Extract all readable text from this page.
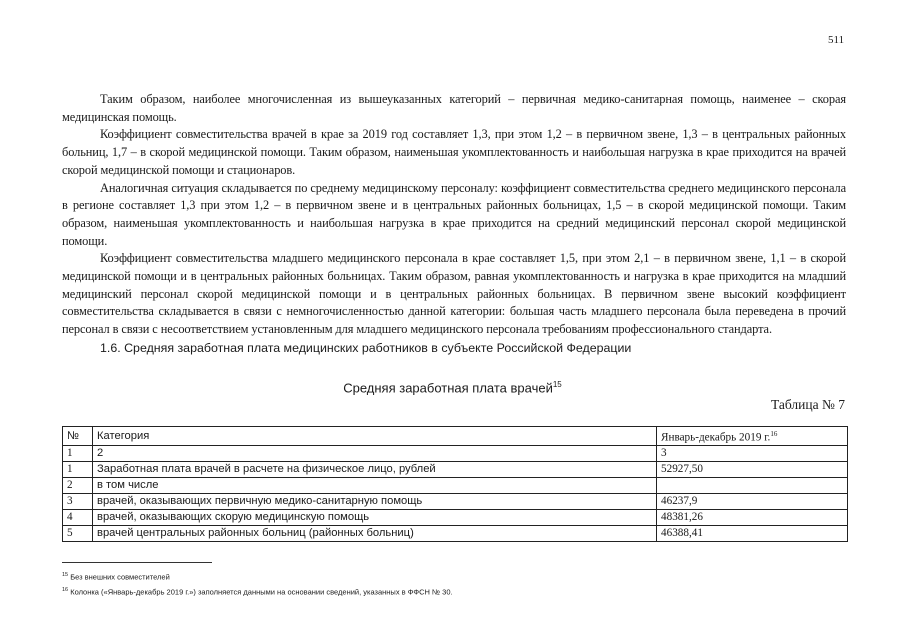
511

Таким образом, наиболее многочисленная из вышеуказанных категорий – первичная медико-санитарная помощь, наименее – скорая медицинская помощь.

Коэффициент совместительства врачей в крае за 2019 год составляет 1,3, при этом 1,2 – в первичном звене, 1,3 – в центральных районных больниц, 1,7 – в скорой медицинской помощи. Таким образом, наименьшая укомплектованность и наибольшая нагрузка в крае приходится на врачей скорой медицинской помощи и стационаров.

Аналогичная ситуация складывается по среднему медицинскому персоналу: коэффициент совместительства среднего медицинского персонала в регионе составляет 1,3 при этом 1,2 – в первичном звене и в центральных районных больницах, 1,5 – в скорой медицинской помощи. Таким образом, наименьшая укомплектованность и наибольшая нагрузка в крае приходится на средний медицинский персонал скорой медицинской помощи.

Коэффициент совместительства младшего медицинского персонала в крае составляет 1,5, при этом 2,1 – в первичном звене, 1,1 – в скорой медицинской помощи и в центральных районных больницах. Таким образом, равная укомплектованность и нагрузка в крае приходится на младший медицинский персонал скорой медицинской помощи и в центральных районных больницах. В первичном звене высокий коэффициент совместительства складывается в связи с немногочисленностью данной категории: большая часть младшего персонала была переведена в прочий персонал в связи с несоответствием установленным для младшего медицинского персонала требованиям профессионального стандарта.

1.6. Средняя заработная плата медицинских работников в субъекте Российской Федерации

Средняя заработная плата врачей$^{15}$
Таблица № 7
№	Категория	Январь-декабрь 2019 г.$^{16}$
1	2	3
1	Заработная плата врачей в расчете на физическое лицо, рублей	52927,50
2	в том числе	
3	врачей, оказывающих первичную медико-санитарную помощь	46237,9
4	врачей, оказывающих скорую медицинскую помощь	48381,26
5	врачей центральных районных больниц (районных больниц)	46388,41
$^{15}$ Без внешних совместителей
$^{16}$ Колонка («Январь-декабрь 2019 г.») заполняется данными на основании сведений, указанных в ФФСН № 30.
